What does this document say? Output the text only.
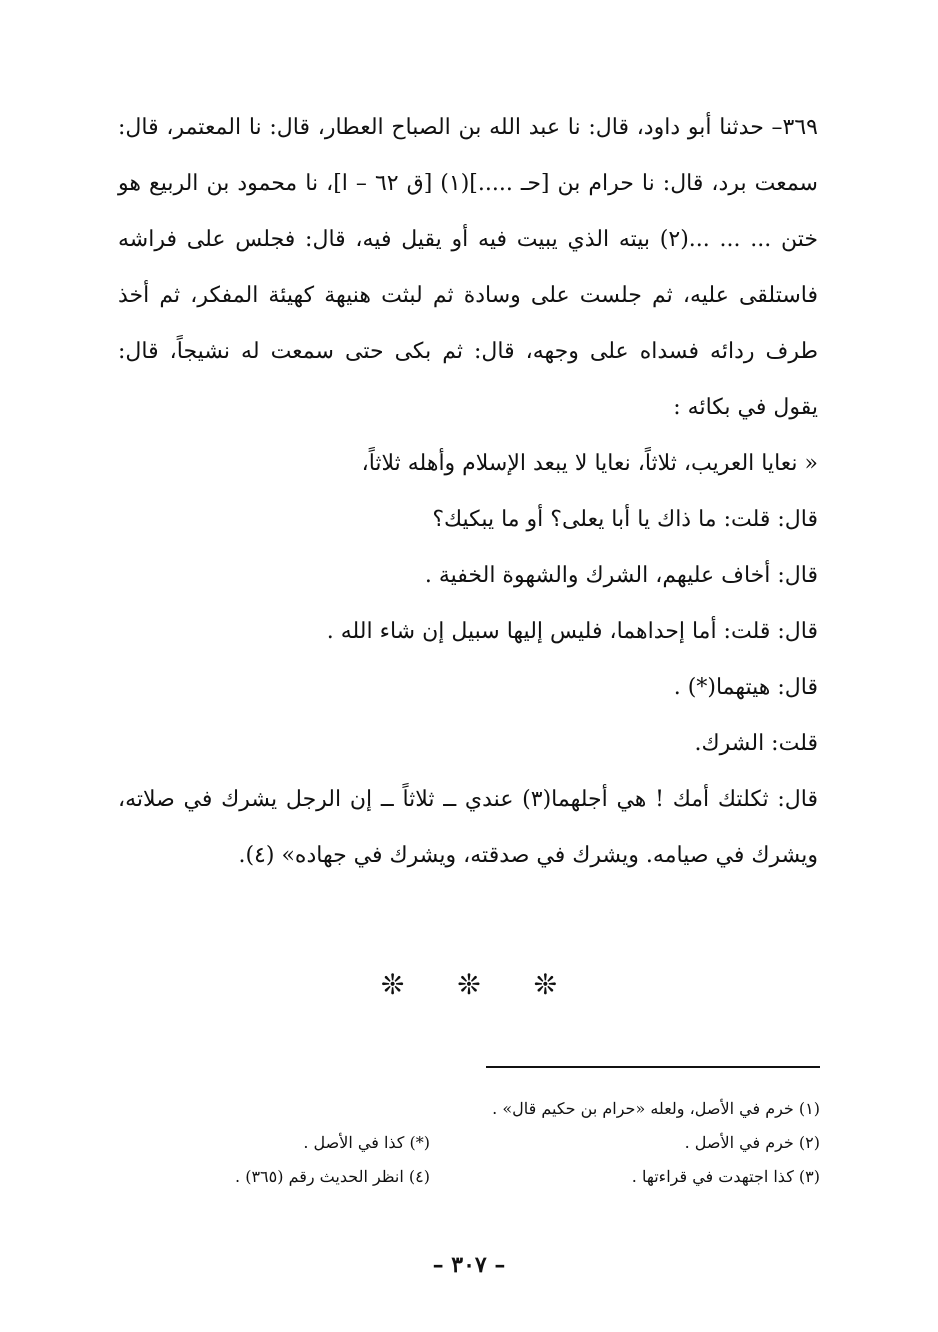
٣٦٩– حدثنا أبو داود، قال: نا عبد الله بن الصباح العطار، قال: نا المعتمر، قال: سمعت برد، قال: نا حرام بن [حـ .....](١) [ق ٦٢ – ا]، نا محمود بن الربيع هو ختن ... ... ...(٢) بيته الذي يبيت فيه أو يقيل فيه، قال: فجلس على فراشه فاستلقى عليه، ثم جلست على وسادة ثم لبثت هنيهة كهيئة المفكر، ثم أخذ طرف ردائه فسداه على وجهه، قال: ثم بكى حتى سمعت له نشيجاً، قال: يقول في بكائه :

« نعايا العريب، ثلاثاً، نعايا لا يبعد الإسلام وأهله ثلاثاً،

قال: قلت: ما ذاك يا أبا يعلى؟ أو ما يبكيك؟

قال: أخاف عليهم، الشرك والشهوة الخفية .

قال: قلت: أما إحداهما، فليس إليها سبيل إن شاء الله .

قال: هيتهما(*) .

قلت: الشرك.

قال: ثكلتك أمك ! هي أجلهما(٣) عندي ــ ثلاثاً ــ إن الرجل يشرك في صلاته، ويشرك في صيامه. ويشرك في صدقته، ويشرك في جهاده» (٤).

❊ ❊ ❊
(١) خرم في الأصل، ولعله «حرام بن حكيم قال» .
(٢) خرم في الأصل .
(*) كذا في الأصل .
(٣) كذا اجتهدت في قراءتها .
(٤) انظر الحديث رقم (٣٦٥) .
– ٣٠٧ –
